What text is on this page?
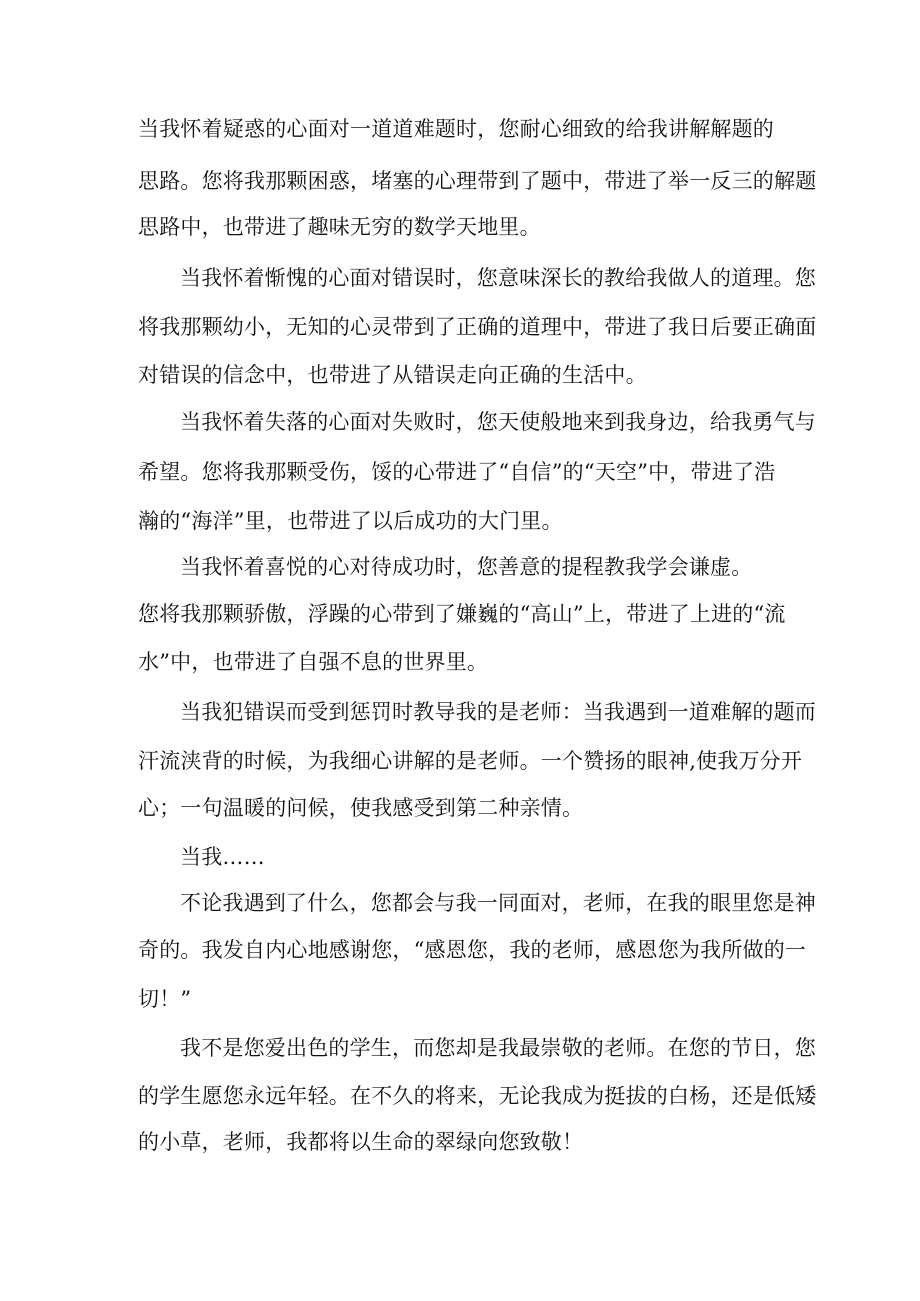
当我怀着疑惑的心面对一道道难题时，您耐心细致的给我讲解解题的
思路。您将我那颗困惑，堵塞的心理带到了题中，带进了举一反三的解题
思路中，也带进了趣味无穷的数学天地里。
当我怀着惭愧的心面对错误时，您意味深长的教给我做人的道理。您
将我那颗幼小，无知的心灵带到了正确的道理中，带进了我日后要正确面
对错误的信念中，也带进了从错误走向正确的生活中。
当我怀着失落的心面对失败时，您天使般地来到我身边，给我勇气与
希望。您将我那颗受伤，馁的心带进了“自信”的“天空”中，带进了浩
瀚的“海洋”里，也带进了以后成功的大门里。
当我怀着喜悦的心对待成功时，您善意的提程教我学会谦虚。
您将我那颗骄傲，浮躁的心带到了嫌巍的“高山”上，带进了上进的“流
水”中，也带进了自强不息的世界里。
当我犯错误而受到惩罚时教导我的是老师：当我遇到一道难解的题而
汗流浃背的时候，为我细心讲解的是老师。一个赞扬的眼神,使我万分开
心；一句温暖的问候，使我感受到第二种亲情。
当我……
不论我遇到了什么，您都会与我一同面对，老师，在我的眼里您是神
奇的。我发自内心地感谢您，“感恩您，我的老师，感恩您为我所做的一
切！”
我不是您爱出色的学生，而您却是我最崇敬的老师。在您的节日，您
的学生愿您永远年轻。在不久的将来，无论我成为挺拔的白杨，还是低矮
的小草，老师，我都将以生命的翠绿向您致敬！
